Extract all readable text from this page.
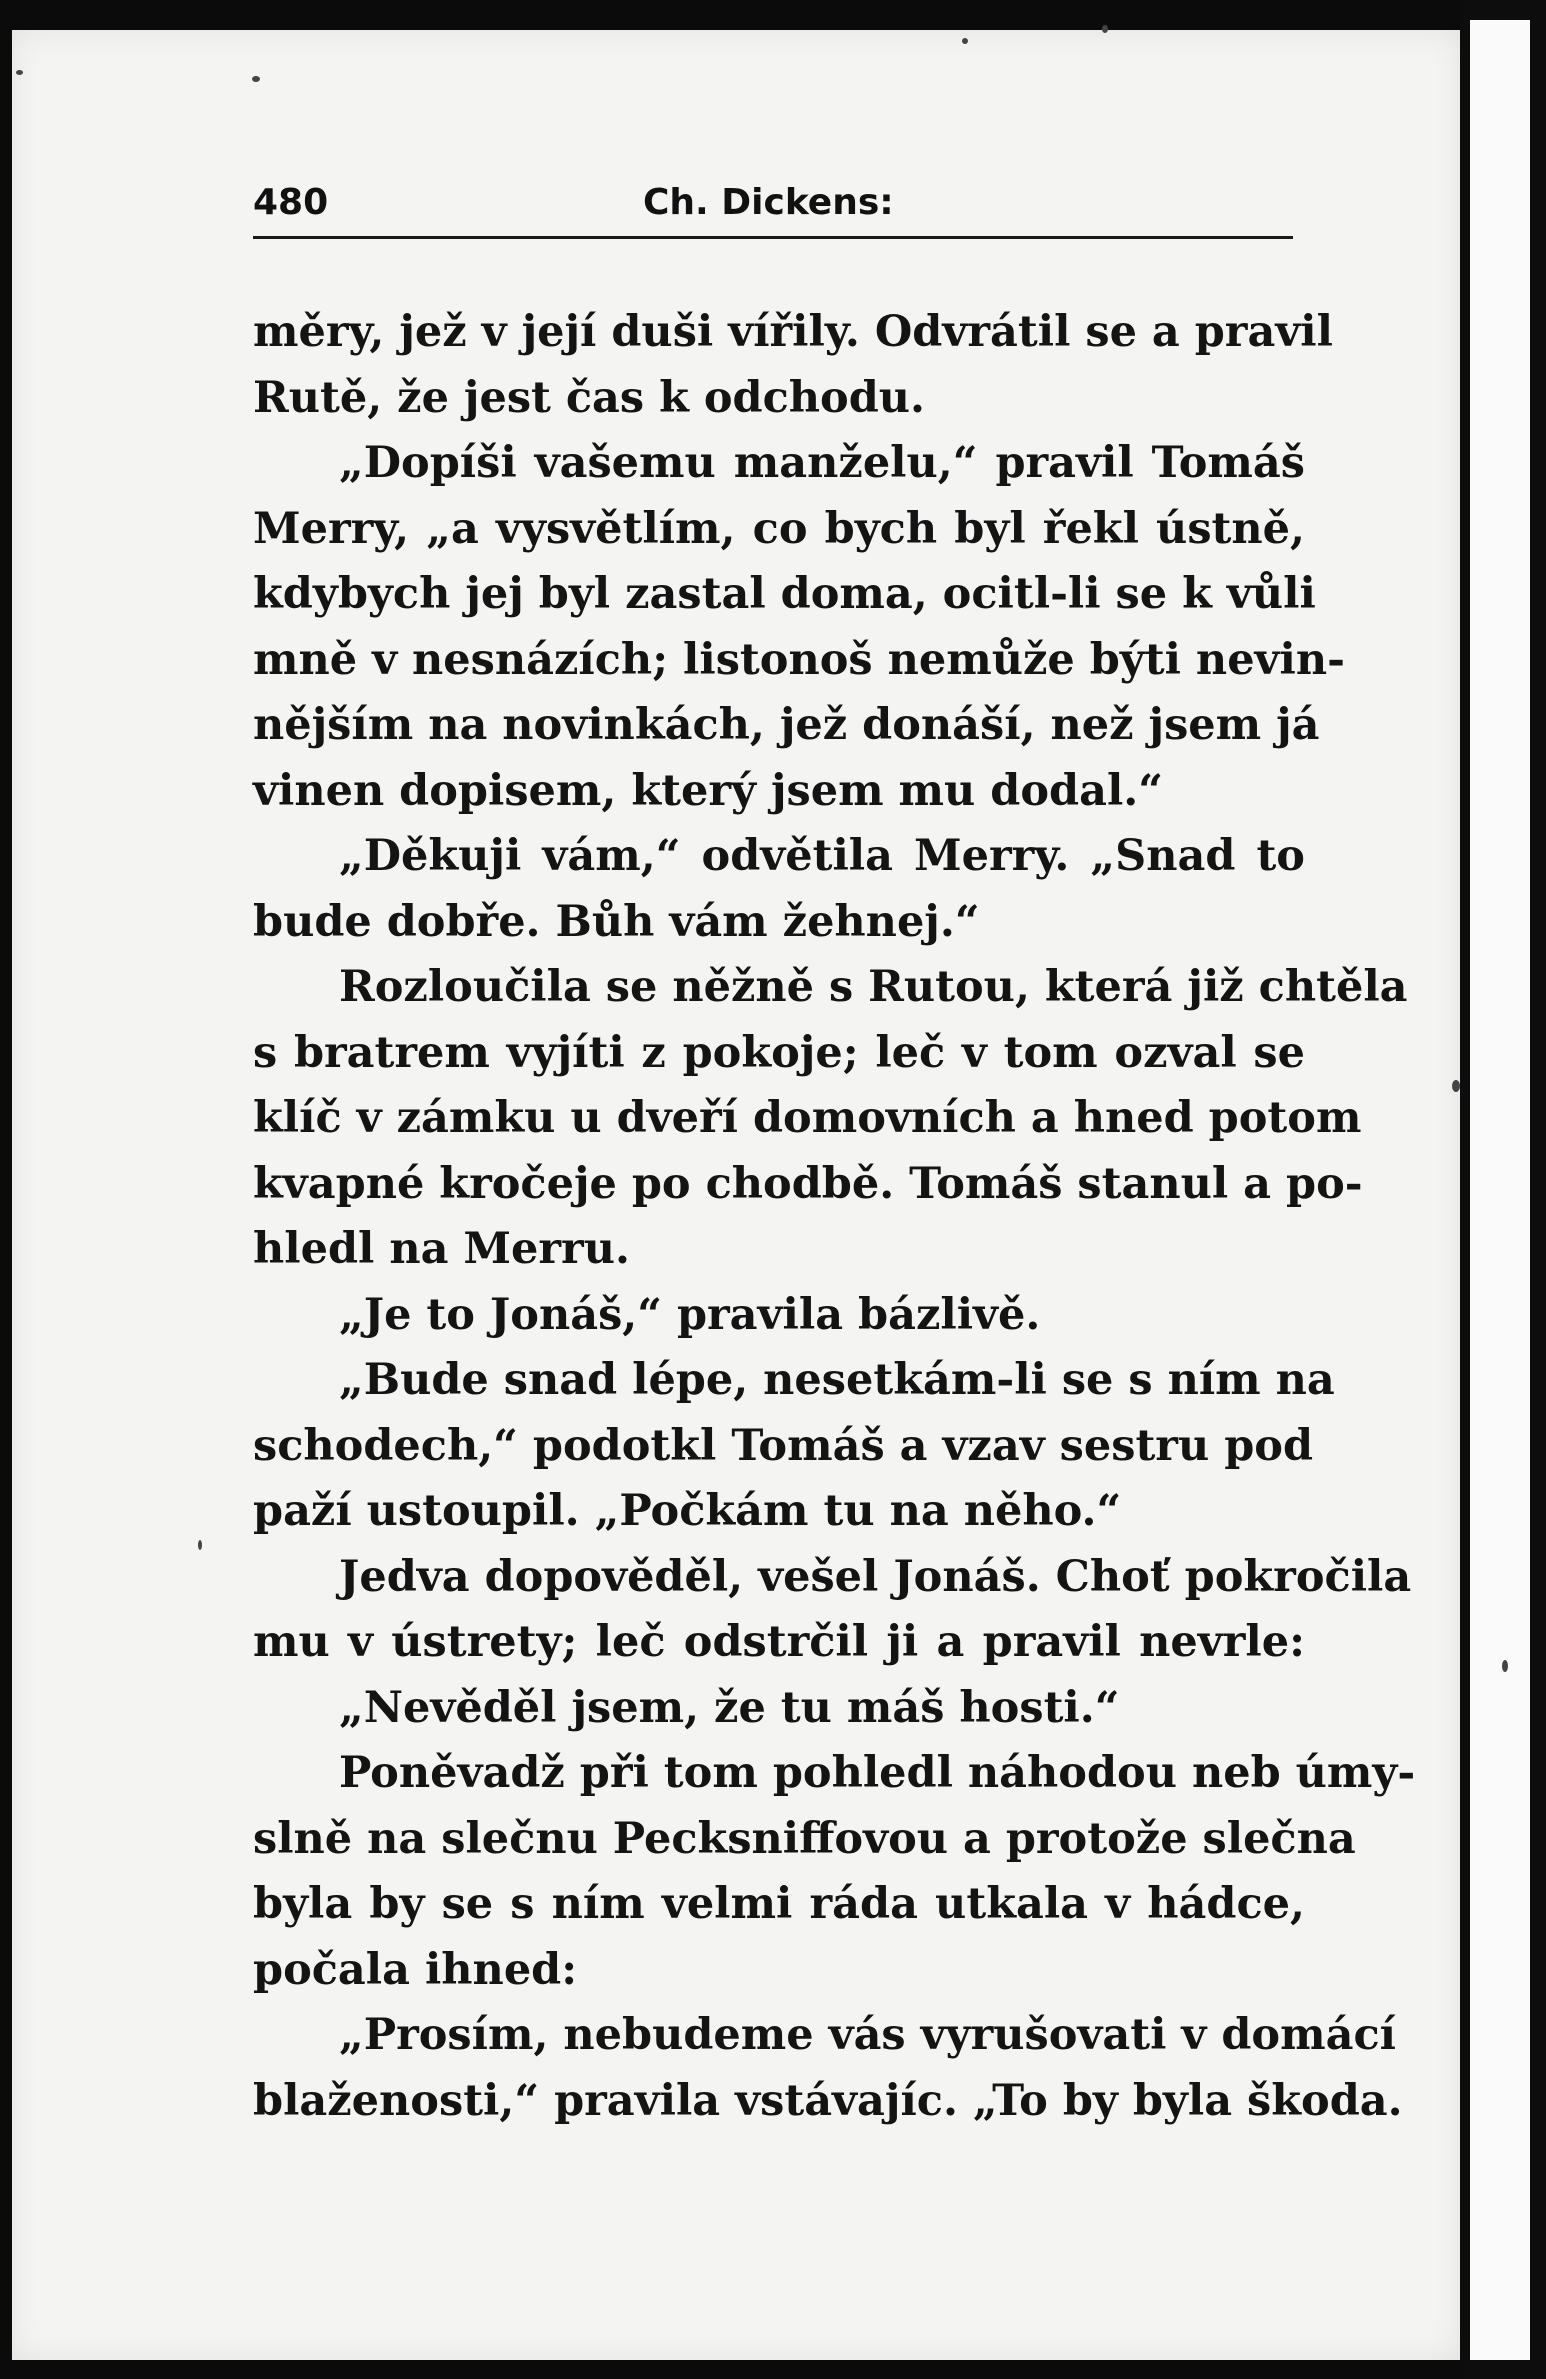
480	Ch. Dickens:
měry, jež v její duši vířily. Odvrátil se a pravil
Rutě, že jest čas k odchodu.
„Dopíši vašemu manželu,“ pravil Tomáš
Merry, „a vysvětlím, co bych byl řekl ústně,
kdybych jej byl zastal doma, ocitl-li se k vůli
mně v nesnázích; listonoš nemůže býti nevin-
nějším na novinkách, jež donáší, než jsem já
vinen dopisem, který jsem mu dodal.“
„Děkuji vám,“ odvětila Merry. „Snad to
bude dobře. Bůh vám žehnej.“
Rozloučila se něžně s Rutou, která již chtěla
s bratrem vyjíti z pokoje; leč v tom ozval se
klíč v zámku u dveří domovních a hned potom
kvapné kročeje po chodbě. Tomáš stanul a po-
hledl na Merru.
„Je to Jonáš,“ pravila bázlivě.
„Bude snad lépe, nesetkám-li se s ním na
schodech,“ podotkl Tomáš a vzav sestru pod
paží ustoupil. „Počkám tu na něho.“
Jedva dopověděl, vešel Jonáš. Choť pokročila
mu v ústrety; leč odstrčil ji a pravil nevrle:
„Nevěděl jsem, že tu máš hosti.“
Poněvadž při tom pohledl náhodou neb úmy-
slně na slečnu Pecksniffovou a protože slečna
byla by se s ním velmi ráda utkala v hádce,
počala ihned:
„Prosím, nebudeme vás vyrušovati v domácí
blaženosti,“ pravila vstávajíc. „To by byla škoda.
